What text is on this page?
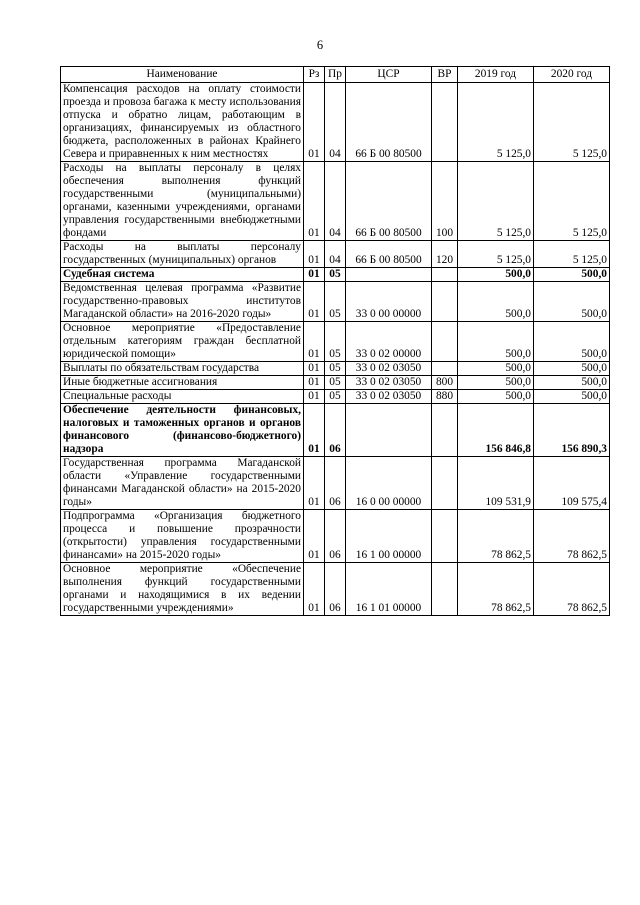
6
Наименование	Рз	Пр	ЦСР	ВР	2019 год	2020 год
Компенсация расходов на оплату стоимости проезда и провоза багажа к месту использования отпуска и обратно лицам, работающим в организациях, финансируемых из областного бюджета, расположенных в районах Крайнего Севера и приравненных к ним местностях	01	04	66 Б 00 80500		5 125,0	5 125,0
Расходы на выплаты персоналу в целях обеспечения выполнения функций государственными (муниципальными) органами, казенными учреждениями, органами управления государственными внебюджетными фондами	01	04	66 Б 00 80500	100	5 125,0	5 125,0
Расходы на выплаты персоналу государственных (муниципальных) органов	01	04	66 Б 00 80500	120	5 125,0	5 125,0
Судебная система	01	05			500,0	500,0
Ведомственная целевая программа «Развитие государственно-правовых институтов Магаданской области» на 2016-2020 годы»	01	05	33 0 00 00000		500,0	500,0
Основное мероприятие «Предоставление отдельным категориям граждан бесплатной юридической помощи»	01	05	33 0 02 00000		500,0	500,0
Выплаты по обязательствам государства	01	05	33 0 02 03050		500,0	500,0
Иные бюджетные ассигнования	01	05	33 0 02 03050	800	500,0	500,0
Специальные расходы	01	05	33 0 02 03050	880	500,0	500,0
Обеспечение деятельности финансовых, налоговых и таможенных органов и органов финансового (финансово-бюджетного) надзора	01	06			156 846,8	156 890,3
Государственная программа Магаданской области «Управление государственными финансами Магаданской области» на 2015-2020 годы»	01	06	16 0 00 00000		109 531,9	109 575,4
Подпрограмма «Организация бюджетного процесса и повышение прозрачности (открытости) управления государственными финансами» на 2015-2020 годы»	01	06	16 1 00 00000		78 862,5	78 862,5
Основное мероприятие «Обеспечение выполнения функций государственными органами и находящимися в их ведении государственными учреждениями»	01	06	16 1 01 00000		78 862,5	78 862,5
